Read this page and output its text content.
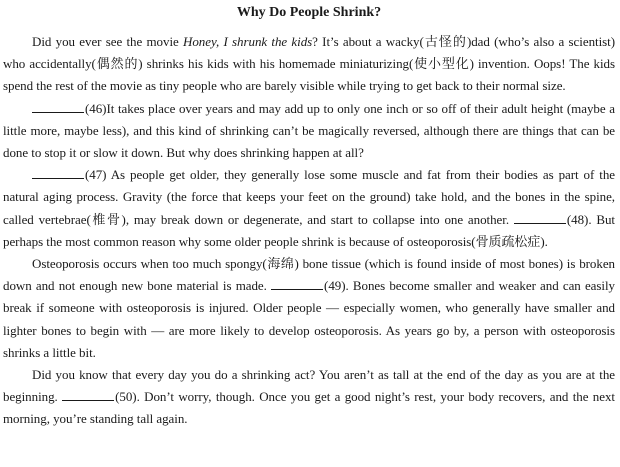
Why Do People Shrink?

Did you ever see the movie Honey, I shrunk the kids? It’s about a wacky(古怪的)dad (who’s also a scientist) who accidentally(偶然的) shrinks his kids with his homemade miniaturizing(使小型化) invention. Oops! The kids spend the rest of the movie as tiny people who are barely visible while trying to get back to their normal size.

(46)It takes place over years and may add up to only one inch or so off of their adult height (maybe a little more, maybe less), and this kind of shrinking can’t be magically reversed, although there are things that can be done to stop it or slow it down. But why does shrinking happen at all?

(47) As people get older, they generally lose some muscle and fat from their bodies as part of the natural aging process. Gravity (the force that keeps your feet on the ground) take hold, and the bones in the spine, called vertebrae(椎骨), may break down or degenerate, and start to collapse into one another.	(48). But perhaps the most common reason why some older people shrink is because of osteoporosis(骨质疏松症).

Osteoporosis occurs when too much spongy(海绵) bone tissue (which is found inside of most bones) is broken down and not enough new bone material is made.	(49). Bones become smaller and weaker and can easily break if someone with osteoporosis is injured. Older people — especially women, who generally have smaller and lighter bones to begin with — are more likely to develop osteoporosis. As years go by, a person with osteoporosis shrinks a little bit.

Did you know that every day you do a shrinking act? You aren’t as tall at the end of the day as you are at the beginning.	(50). Don’t worry, though. Once you get a good night’s rest, your body recovers, and the next morning, you’re standing tall again.
